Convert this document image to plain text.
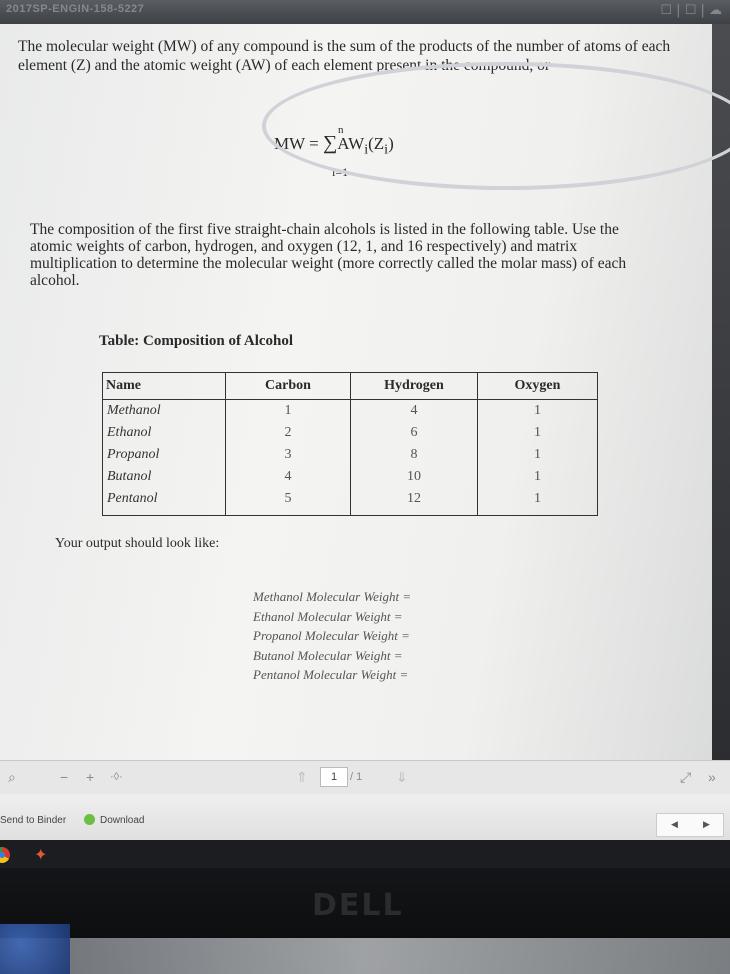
2017SP-ENGIN-158-5227	☐ | ☐ | ☁
The molecular weight (MW) of any compound is the sum of the products of the number of atoms of each element (Z) and the atomic weight (AW) of each element present in the compound, or
MW = $\sum AW_i(Z_i)$
n
i=1
The composition of the first five straight-chain alcohols is listed in the following table. Use the atomic weights of carbon, hydrogen, and oxygen (12, 1, and 16 respectively) and matrix multiplication to determine the molecular weight (more correctly called the molar mass) of each alcohol.
Table: Composition of Alcohol
Name	Carbon	Hydrogen	Oxygen
Methanol	1	4	1
Ethanol	2	6	1
Propanol	3	8	1
Butanol	4	10	1
Pentanol	5	12	1
Your output should look like:
Methanol Molecular Weight =
Ethanol Molecular Weight =
Propanol Molecular Weight =
Butanol Molecular Weight =
Pentanol Molecular Weight =
⌕	− + ·◊·	⇑	1	/ 1 ⇓	⤢ »
Send to Binder	Download	◀	▶
✦
DELL
